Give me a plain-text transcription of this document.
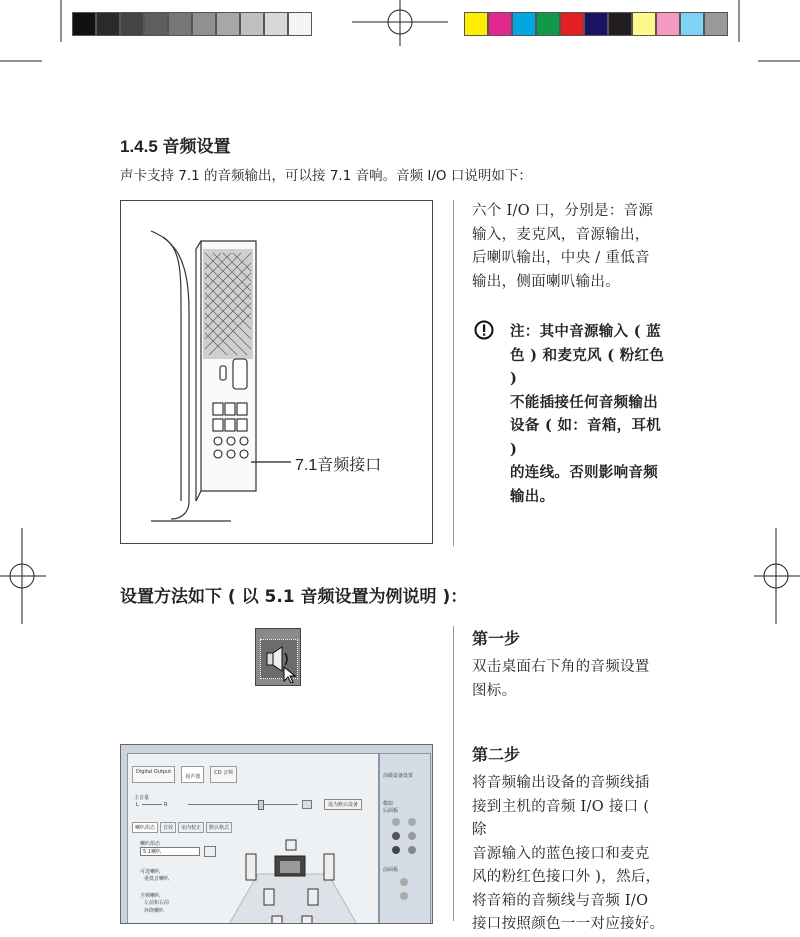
1.4.5 音频设置
声卡支持 7.1 的音频输出，可以接 7.1 音响。音频 I/O 口说明如下：
7.1音频接口
六个 I/O 口，分别是：音源
输入，麦克风，音源输出，
后喇叭输出，中央 / 重低音
输出，侧面喇叭输出。
注：其中音源输入 ( 蓝
色 ) 和麦克风 ( 粉红色 )
不能插接任何音频输出
设备 ( 如：音箱，耳机 )
的连线。否则影响音频
输出。
设置方法如下 ( 以 5.1 音频设置为例说明 )：
第一步
双击桌面右下角的音频设置
图标。
第二步
将音频输出设备的音频线插
接到主机的音频 I/O 接口 ( 除
音源输入的蓝色接口和麦克
风的粉红色接口外 )，然后，
将音箱的音频线与音频 I/O
接口按照颜色一一对应接好。
Digital Output
扬声器
CD 音频
主音量
L	R	设为默认设备
喇叭组态	音效	室内校正	默认格式
喇叭组态
5.1喇叭
可选喇叭
重低音喇叭
全频喇叭
左前和右前
环绕喇叭
高级设备设置
模拟
后面板
前面板
